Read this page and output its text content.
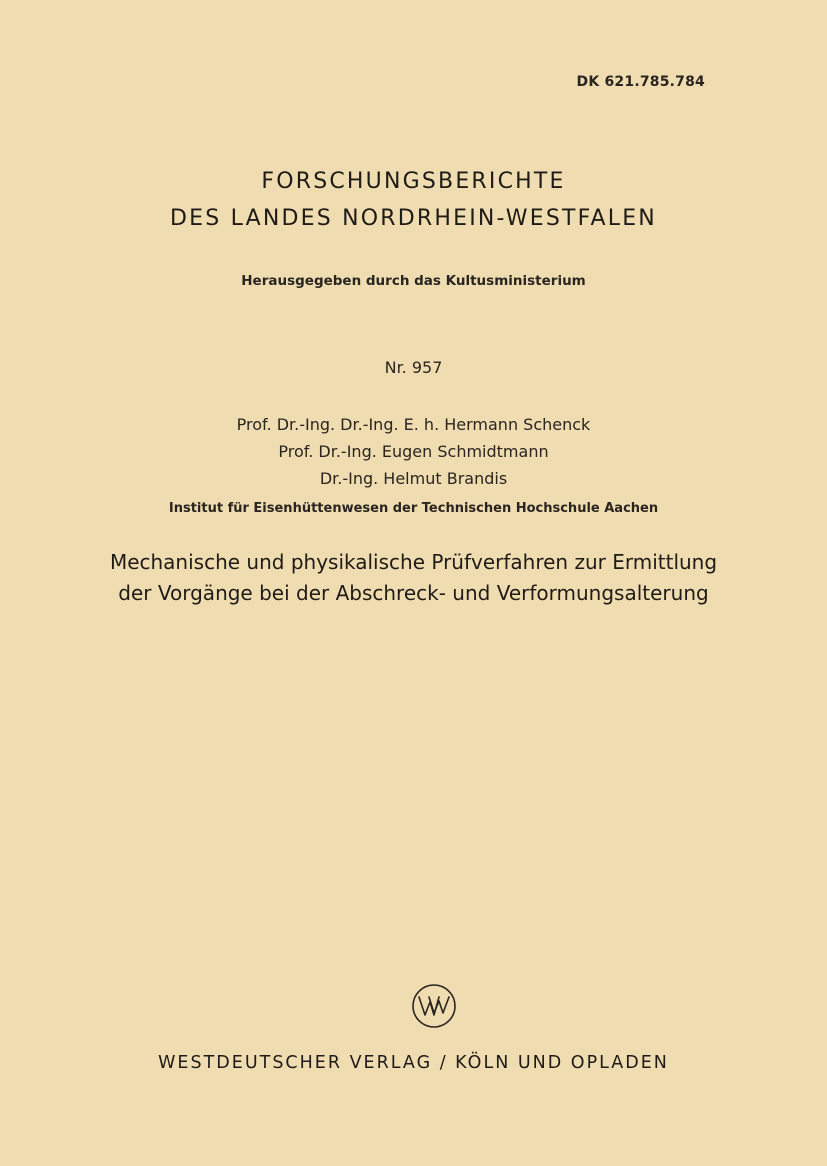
DK 621.785.784
FORSCHUNGSBERICHTE
DES LANDES NORDRHEIN-WESTFALEN
Herausgegeben durch das Kultusministerium
Nr. 957
Prof. Dr.-Ing. Dr.-Ing. E. h. Hermann Schenck
Prof. Dr.-Ing. Eugen Schmidtmann
Dr.-Ing. Helmut Brandis
Institut für Eisenhüttenwesen der Technischen Hochschule Aachen
Mechanische und physikalische Prüfverfahren zur Ermittlung
der Vorgänge bei der Abschreck- und Verformungsalterung
WESTDEUTSCHER VERLAG / KÖLN UND OPLADEN
